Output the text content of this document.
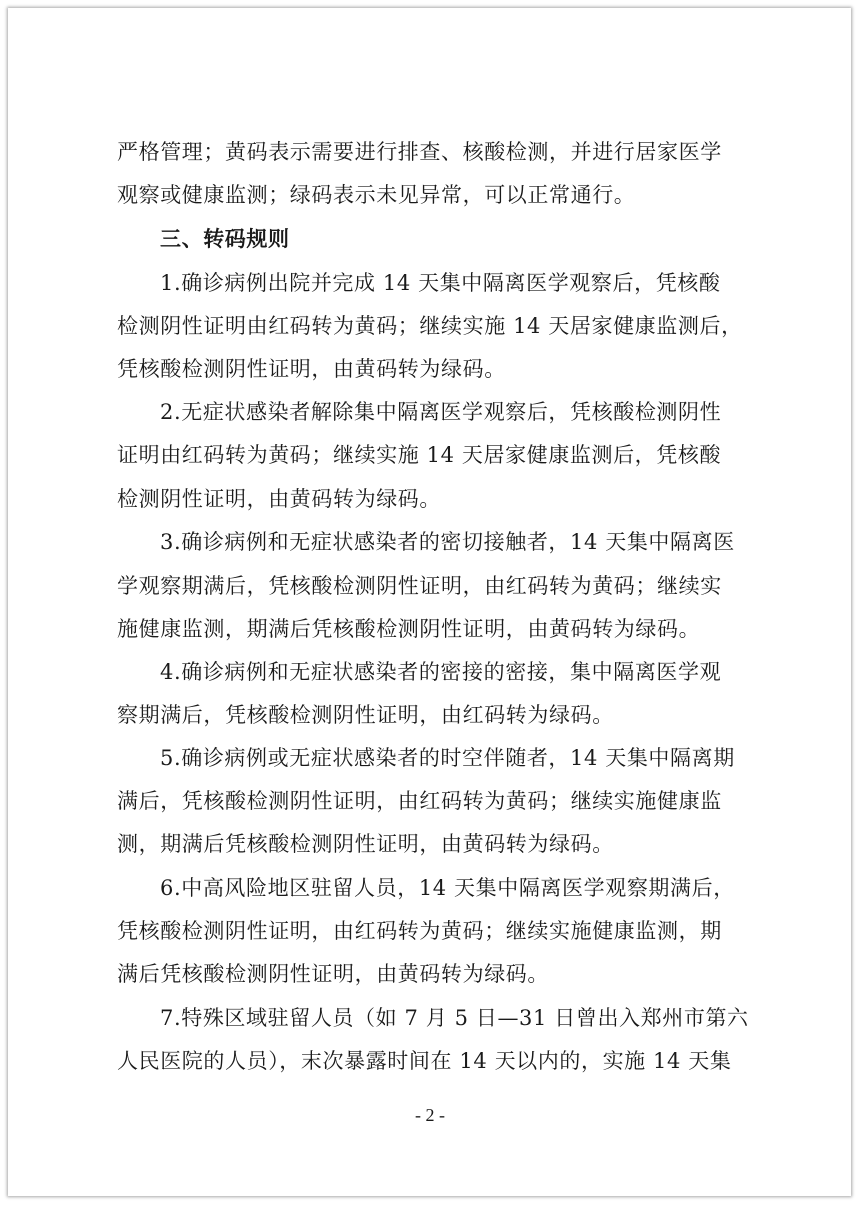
严格管理；黄码表示需要进行排查、核酸检测，并进行居家医学
观察或健康监测；绿码表示未见异常，可以正常通行。
三、转码规则
1.确诊病例出院并完成 14 天集中隔离医学观察后，凭核酸
检测阴性证明由红码转为黄码；继续实施 14 天居家健康监测后，
凭核酸检测阴性证明，由黄码转为绿码。
2.无症状感染者解除集中隔离医学观察后，凭核酸检测阴性
证明由红码转为黄码；继续实施 14 天居家健康监测后，凭核酸
检测阴性证明，由黄码转为绿码。
3.确诊病例和无症状感染者的密切接触者，14 天集中隔离医
学观察期满后，凭核酸检测阴性证明，由红码转为黄码；继续实
施健康监测，期满后凭核酸检测阴性证明，由黄码转为绿码。
4.确诊病例和无症状感染者的密接的密接，集中隔离医学观
察期满后，凭核酸检测阴性证明，由红码转为绿码。
5.确诊病例或无症状感染者的时空伴随者，14 天集中隔离期
满后，凭核酸检测阴性证明，由红码转为黄码；继续实施健康监
测，期满后凭核酸检测阴性证明，由黄码转为绿码。
6.中高风险地区驻留人员，14 天集中隔离医学观察期满后，
凭核酸检测阴性证明，由红码转为黄码；继续实施健康监测，期
满后凭核酸检测阴性证明，由黄码转为绿码。
7.特殊区域驻留人员（如 7 月 5 日—31 日曾出入郑州市第六
人民医院的人员），末次暴露时间在 14 天以内的，实施 14 天集
- 2 -
